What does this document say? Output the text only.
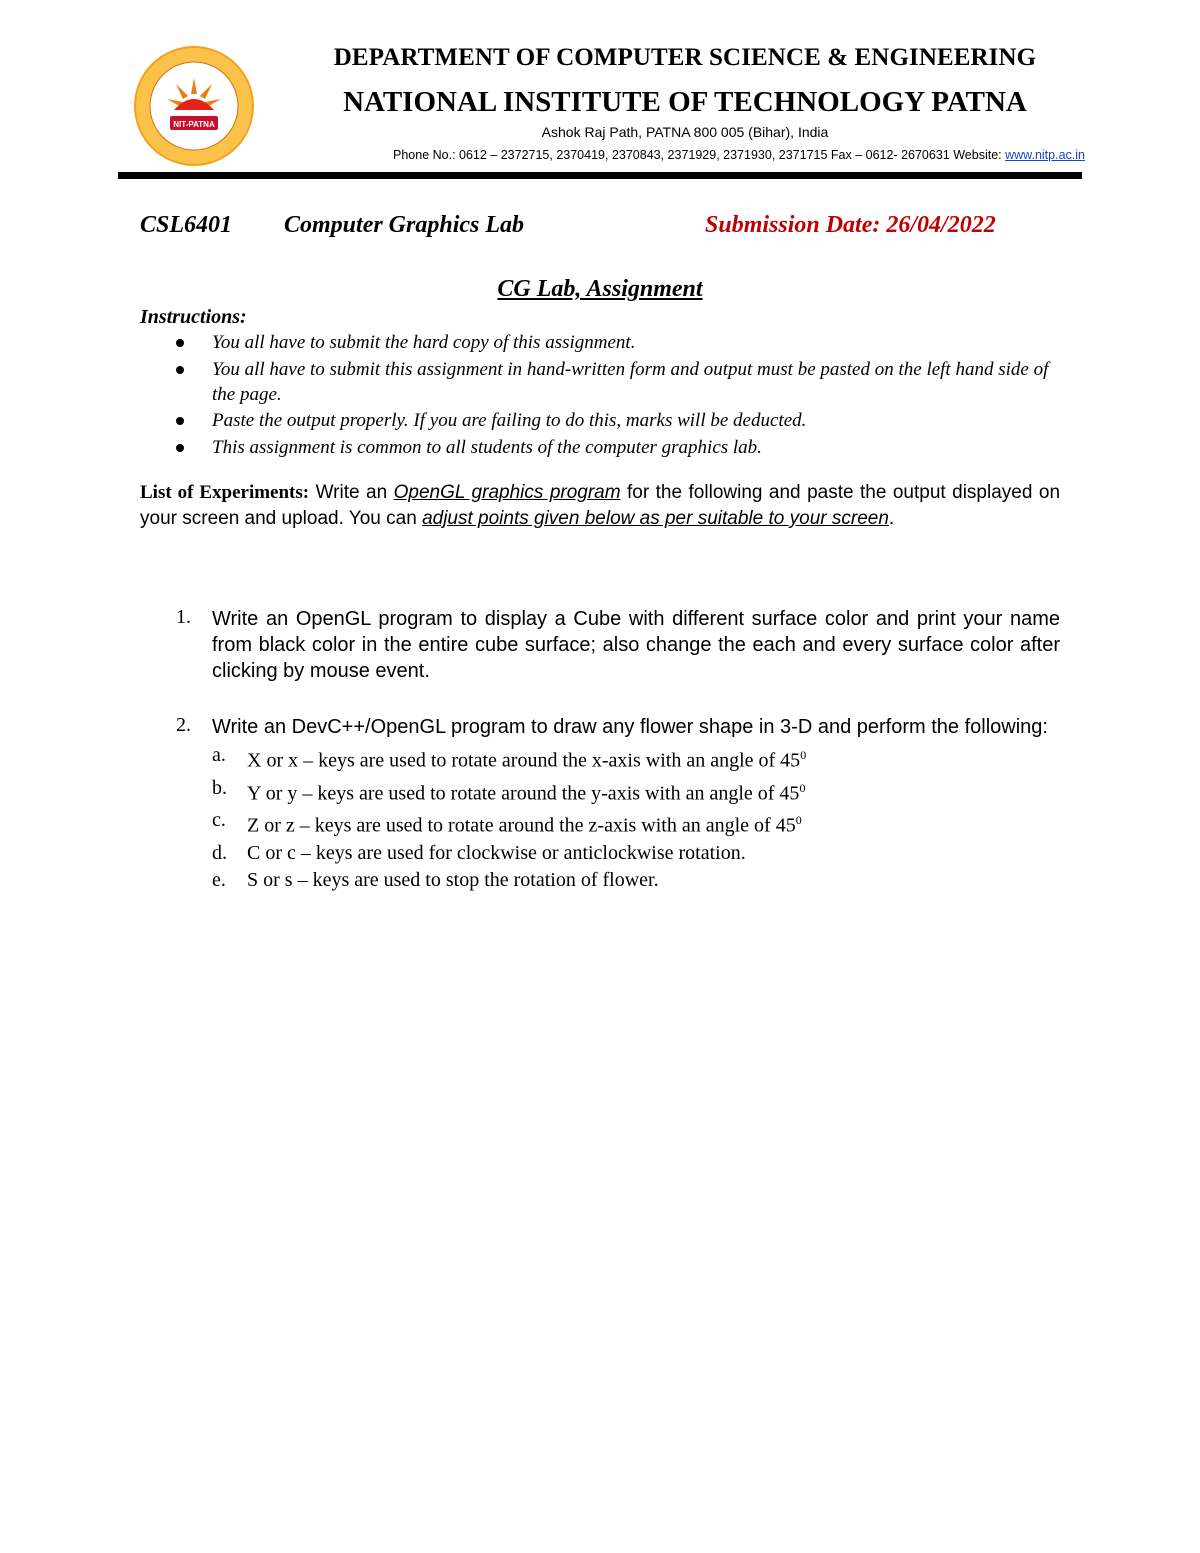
NIT-PATNA
DEPARTMENT OF COMPUTER SCIENCE & ENGINEERING
NATIONAL INSTITUTE OF TECHNOLOGY PATNA
Ashok Raj Path, PATNA 800 005 (Bihar), India
Phone No.: 0612 – 2372715, 2370419, 2370843, 2371929, 2371930, 2371715 Fax – 0612- 2670631 Website: www.nitp.ac.in
CSL6401 Computer Graphics Lab	Submission Date: 26/04/2022
CG Lab, Assignment
Instructions:
You all have to submit the hard copy of this assignment.
You all have to submit this assignment in hand-written form and output must be pasted on the left hand side of the page.
Paste the output properly. If you are failing to do this, marks will be deducted.
This assignment is common to all students of the computer graphics lab.
List of Experiments: Write an OpenGL graphics program for the following and paste the output displayed on your screen and upload. You can adjust points given below as per suitable to your screen.
1. Write an OpenGL program to display a Cube with different surface color and print your name from black color in the entire cube surface; also change the each and every surface color after clicking by mouse event.
2. Write an DevC++/OpenGL program to draw any flower shape in 3-D and perform the following:
a. X or x – keys are used to rotate around the x-axis with an angle of $45^0$
b. Y or y – keys are used to rotate around the y-axis with an angle of $45^0$
c. Z or z – keys are used to rotate around the z-axis with an angle of $45^0$
d. C or c – keys are used for clockwise or anticlockwise rotation.
e. S or s – keys are used to stop the rotation of flower.
